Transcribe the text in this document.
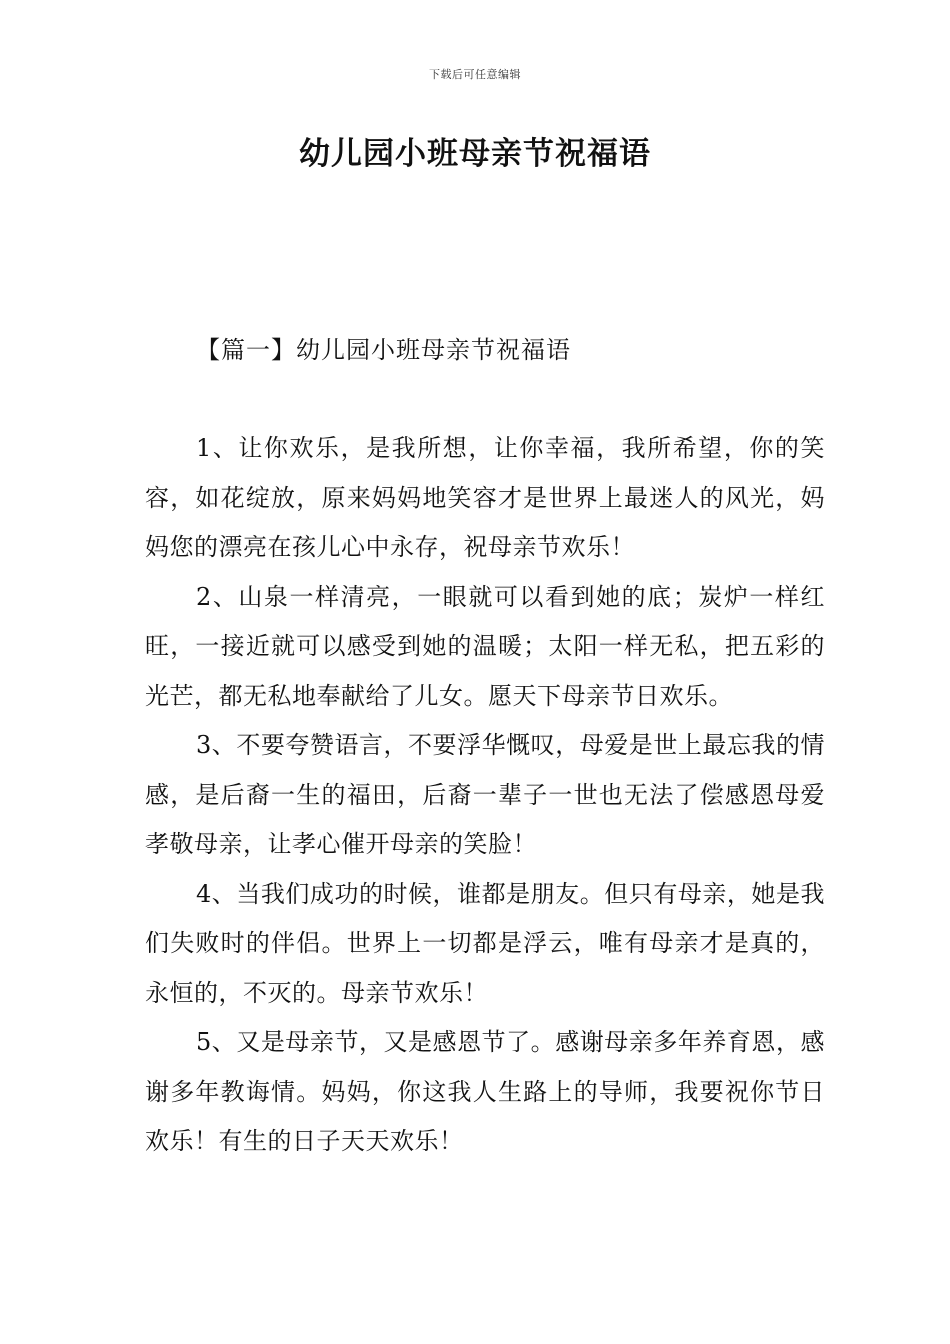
下载后可任意编辑
幼儿园小班母亲节祝福语
【篇一】幼儿园小班母亲节祝福语

1、让你欢乐，是我所想，让你幸福，我所希望，你的笑容，如花绽放，原来妈妈地笑容才是世界上最迷人的风光，妈妈您的漂亮在孩儿心中永存，祝母亲节欢乐！

2、山泉一样清亮，一眼就可以看到她的底；炭炉一样红旺，一接近就可以感受到她的温暖；太阳一样无私，把五彩的光芒，都无私地奉献给了儿女。愿天下母亲节日欢乐。

3、不要夸赞语言，不要浮华慨叹，母爱是世上最忘我的情感，是后裔一生的福田，后裔一辈子一世也无法了偿感恩母爱孝敬母亲，让孝心催开母亲的笑脸！

4、当我们成功的时候，谁都是朋友。但只有母亲，她是我们失败时的伴侣。世界上一切都是浮云，唯有母亲才是真的，永恒的，不灭的。母亲节欢乐！

5、又是母亲节，又是感恩节了。感谢母亲多年养育恩，感谢多年教诲情。妈妈，你这我人生路上的导师，我要祝你节日欢乐！有生的日子天天欢乐！
